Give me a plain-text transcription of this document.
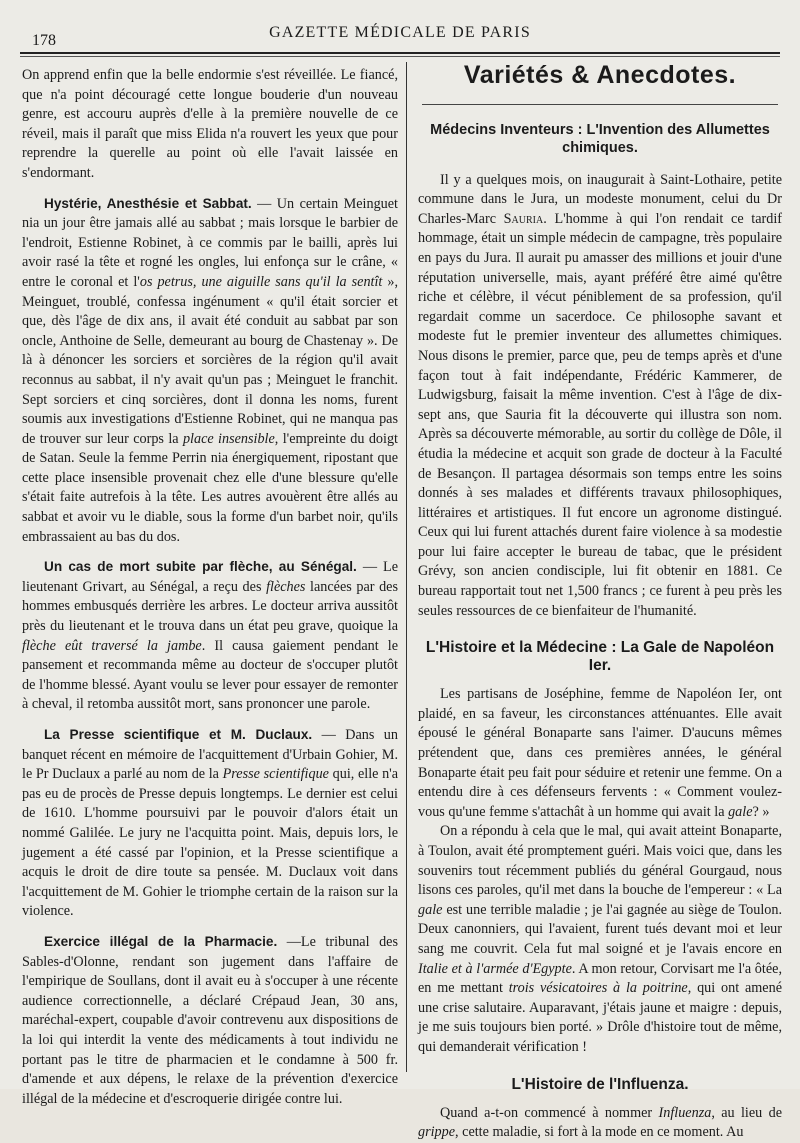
178	GAZETTE MÉDICALE DE PARIS

On apprend enfin que la belle endormie s'est réveillée. Le fiancé, que n'a point découragé cette longue bouderie d'un nouveau genre, est accouru auprès d'elle à la première nouvelle de ce réveil, mais il paraît que miss Elida n'a rouvert les yeux que pour reprendre la querelle au point où elle l'avait laissée en s'endormant.

Hystérie, Anesthésie et Sabbat. — Un certain Meinguet nia un jour être jamais allé au sabbat ; mais lorsque le barbier de l'endroit, Estienne Robinet, à ce commis par le bailli, après lui avoir rasé la tête et rogné les ongles, lui enfonça sur le crâne, « entre le coronal et l'os petrus, une aiguille sans qu'il la sentît », Meinguet, troublé, confessa ingénument « qu'il était sorcier et que, dès l'âge de dix ans, il avait été conduit au sabbat par son oncle, Anthoine de Selle, demeurant au bourg de Chastenay ». De là à dénoncer les sorciers et sorcières de la région qu'il avait reconnus au sabbat, il n'y avait qu'un pas ; Meinguet le franchit. Sept sorciers et cinq sorcières, dont il donna les noms, furent soumis aux investigations d'Estienne Robinet, qui ne manqua pas de trouver sur leur corps la place insensible, l'empreinte du doigt de Satan. Seule la femme Perrin nia énergiquement, ripostant que cette place insensible provenait chez elle d'une blessure qu'elle s'était faite autrefois à la tête. Les autres avouèrent être allés au sabbat et avoir vu le diable, sous la forme d'un barbet noir, qu'ils embrassaient au bas du dos.

Un cas de mort subite par flèche, au Sénégal. — Le lieutenant Grivart, au Sénégal, a reçu des flèches lancées par des hommes embusqués derrière les arbres. Le docteur arriva aussitôt près du lieutenant et le trouva dans un état peu grave, quoique la flèche eût traversé la jambe. Il causa gaiement pendant le pansement et recommanda même au docteur de s'occuper plutôt de l'homme blessé. Ayant voulu se lever pour essayer de remonter à cheval, il retomba aussitôt mort, sans prononcer une parole.

La Presse scientifique et M. Duclaux. — Dans un banquet récent en mémoire de l'acquittement d'Urbain Gohier, M. le Pr Duclaux a parlé au nom de la Presse scientifique qui, elle n'a pas eu de procès de Presse depuis longtemps. Le dernier est celui de 1610. L'homme poursuivi par le pouvoir d'alors était un nommé Galilée. Le jury ne l'acquitta point. Mais, depuis lors, le jugement a été cassé par l'opinion, et la Presse scientifique a acquis le droit de dire toute sa pensée. M. Duclaux voit dans l'acquittement de M. Gohier le triomphe certain de la raison sur la violence.

Exercice illégal de la Pharmacie. —Le tribunal des Sables-d'Olonne, rendant son jugement dans l'affaire de l'empirique de Soullans, dont il avait eu à s'occuper à une récente audience correctionnelle, a déclaré Crépaud Jean, 30 ans, maréchal-expert, coupable d'avoir contrevenu aux dispositions de la loi qui interdit la vente des médicaments à tout individu ne portant pas le titre de pharmacien et le condamne à 500 fr. d'amende et aux dépens, le relaxe de la prévention d'exercice illégal de la médecine et d'escroquerie dirigée contre lui.

Variétés & Anecdotes.
Médecins Inventeurs : L'Invention des Allumettes chimiques.

Il y a quelques mois, on inaugurait à Saint-Lothaire, petite commune dans le Jura, un modeste monument, celui du Dr Charles-Marc Sauria. L'homme à qui l'on rendait ce tardif hommage, était un simple médecin de campagne, très populaire en pays du Jura. Il aurait pu amasser des millions et jouir d'une réputation universelle, mais, ayant préféré être aimé qu'être riche et célèbre, il vécut péniblement de sa profession, qu'il regardait comme un sacerdoce. Ce philosophe savant et modeste fut le premier inventeur des allumettes chimiques. Nous disons le premier, parce que, peu de temps après et d'une façon tout à fait indépendante, Frédéric Kammerer, de Ludwigsburg, faisait la même invention. C'est à l'âge de dix-sept ans, que Sauria fit la découverte qui illustra son nom. Après sa découverte mémorable, au sortir du collège de Dôle, il étudia la médecine et acquit son grade de docteur à la Faculté de Besançon. Il partagea désormais son temps entre les soins donnés à ses malades et différents travaux philosophiques, littéraires et artistiques. Il fut encore un agronome distingué. Ceux qui lui furent attachés durent faire violence à sa modestie pour lui faire accepter le bureau de tabac, que le président Grévy, son ancien condisciple, lui fit obtenir en 1881. Ce bureau rapportait tout net 1,500 francs ; ce furent à peu près les seules ressources de ce bienfaiteur de l'humanité.

L'Histoire et la Médecine : La Gale de Napoléon Ier.

Les partisans de Joséphine, femme de Napoléon Ier, ont plaidé, en sa faveur, les circonstances atténuantes. Elle avait épousé le général Bonaparte sans l'aimer. D'aucuns mêmes prétendent que, dans ces premières années, le général Bonaparte était peu fait pour séduire et retenir une femme. On a entendu dire à ces défenseurs fervents : « Comment voulez-vous qu'une femme s'attachât à un homme qui avait la gale? »

On a répondu à cela que le mal, qui avait atteint Bonaparte, à Toulon, avait été promptement guéri. Mais voici que, dans les souvenirs tout récemment publiés du général Gourgaud, nous lisons ces paroles, qu'il met dans la bouche de l'empereur : « La gale est une terrible maladie ; je l'ai gagnée au siège de Toulon. Deux canonniers, qui l'avaient, furent tués devant moi et leur sang me couvrit. Cela fut mal soigné et je l'avais encore en Italie et à l'armée d'Egypte. A mon retour, Corvisart me l'a ôtée, en me mettant trois vésicatoires à la poitrine, qui ont amené une crise salutaire. Auparavant, j'étais jaune et maigre : depuis, je me suis toujours bien porté. » Drôle d'histoire tout de même, qui demanderait vérification !

L'Histoire de l'Influenza.

Quand a-t-on commencé à nommer Influenza, au lieu de grippe, cette maladie, si fort à la mode en ce moment. Au
